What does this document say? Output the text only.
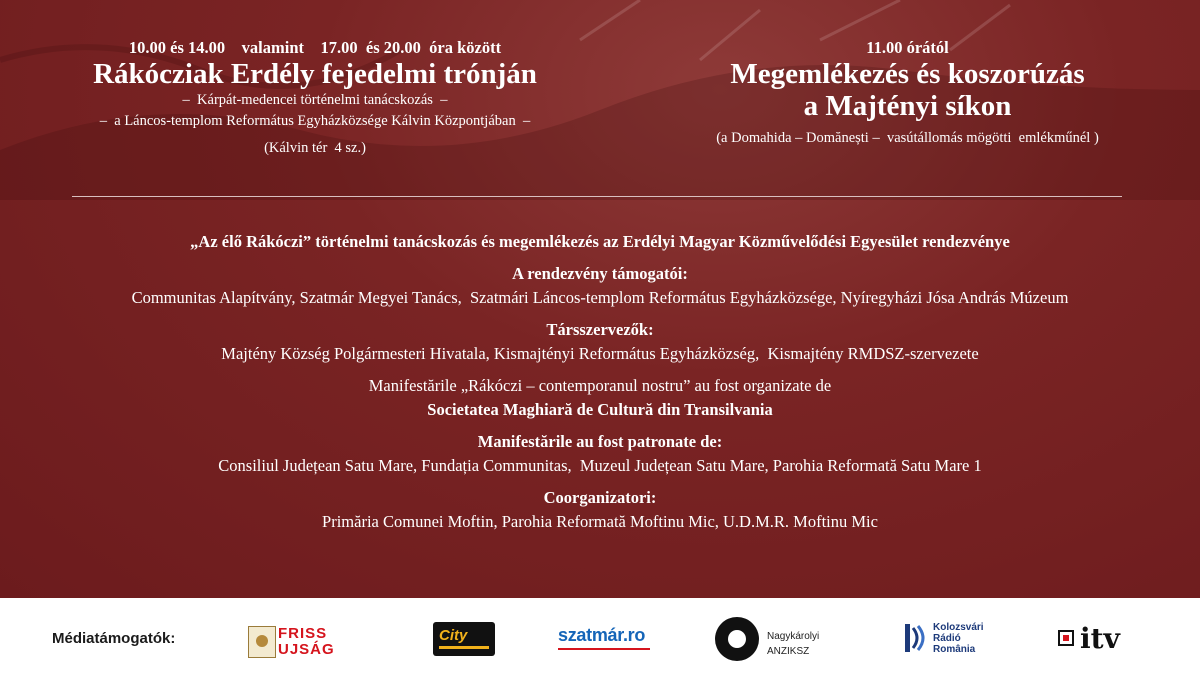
10.00 és 14.00    valamint    17.00  és 20.00  óra között
Rákócziak Erdély fejedelmi trónján
–  Kárpát-medencei történelmi tanácskozás  –
–  a Láncos-templom Református Egyházközsége Kálvin Központjában  –
(Kálvin tér  4 sz.)
11.00 órától
Megemlékezés és koszorúzás
a Majtényi síkon
(a Domahida – Domănești –  vasútállomás mögötti  emlékműnél )
„Az élő Rákóczi” történelmi tanácskozás és megemlékezés az Erdélyi Magyar Közművelődési Egyesület rendezvénye
A rendezvény támogatói:
Communitas Alapítvány, Szatmár Megyei Tanács,  Szatmári Láncos-templom Református Egyházközsége, Nyíregyházi Jósa András Múzeum
Társszervezők:
Majtény Község Polgármesteri Hivatala, Kismajtényi Református Egyházközség,  Kismajtény RMDSZ-szervezete
Manifestările „Rákóczi – contemporanul nostru” au fost organizate de
Societatea Maghiară de Cultură din Transilvania
Manifestările au fost patronate de:
Consiliul Județean Satu Mare, Fundația Communitas,  Muzeul Județean Satu Mare, Parohia Reformată Satu Mare 1
Coorganizatori:
Primăria Comunei Moftin, Parohia Reformată Moftinu Mic, U.D.M.R. Moftinu Mic
Médiatámogatók:	FRISS
UJSÁG
City	szatmár.ro	Nagykárolyi
ANZIKSZ
Kolozsvári
Rádió
România	itv
